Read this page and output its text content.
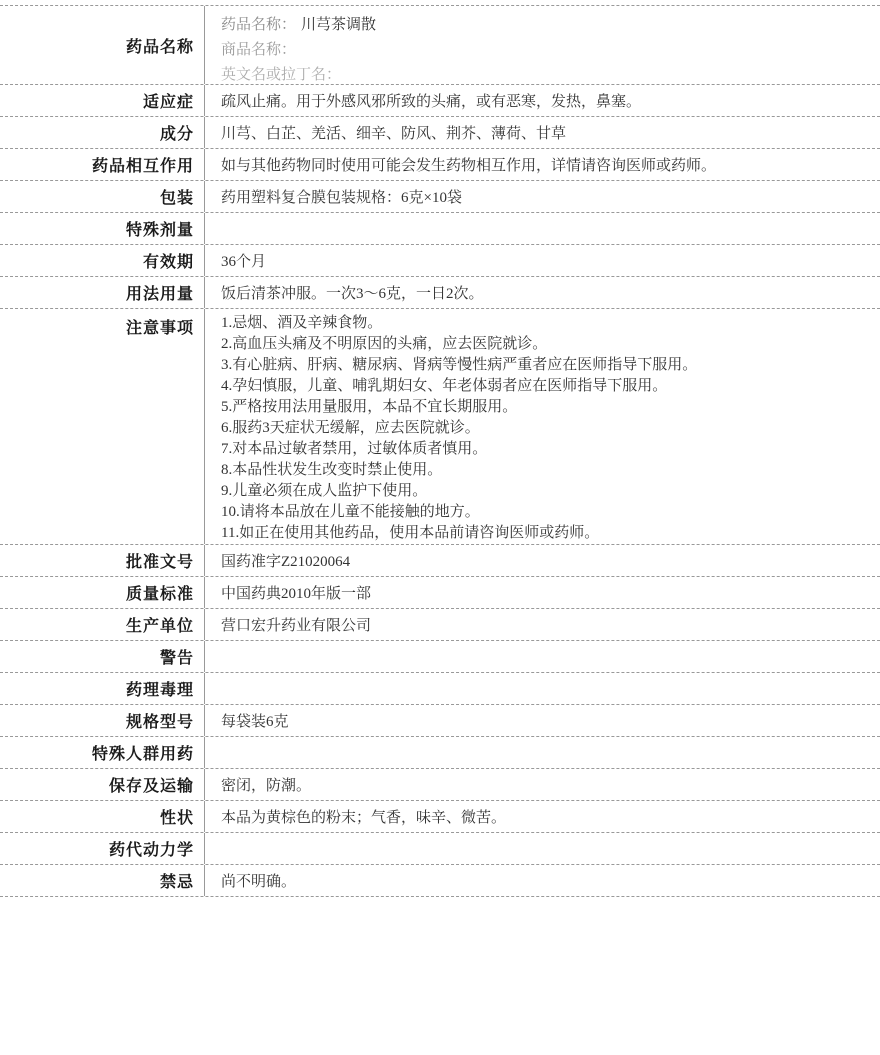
药品名称
药品名称： 川芎茶调散
商品名称：
英文名或拉丁名：
适应症	疏风止痛。用于外感风邪所致的头痛，或有恶寒，发热，鼻塞。
成分	川芎、白芷、羌活、细辛、防风、荆芥、薄荷、甘草
药品相互作用	如与其他药物同时使用可能会发生药物相互作用，详情请咨询医师或药师。
包装	药用塑料复合膜包装规格：6克×10袋
特殊剂量
有效期	36个月
用法用量	饭后清茶冲服。一次3～6克，一日2次。
注意事项	1.忌烟、酒及辛辣食物。
2.高血压头痛及不明原因的头痛，应去医院就诊。
3.有心脏病、肝病、糖尿病、肾病等慢性病严重者应在医师指导下服用。
4.孕妇慎服，儿童、哺乳期妇女、年老体弱者应在医师指导下服用。
5.严格按用法用量服用，本品不宜长期服用。
6.服药3天症状无缓解，应去医院就诊。
7.对本品过敏者禁用，过敏体质者慎用。
8.本品性状发生改变时禁止使用。
9.儿童必须在成人监护下使用。
10.请将本品放在儿童不能接触的地方。
11.如正在使用其他药品，使用本品前请咨询医师或药师。
批准文号	国药准字Z21020064
质量标准	中国药典2010年版一部
生产单位	营口宏升药业有限公司
警告
药理毒理
规格型号	每袋装6克
特殊人群用药
保存及运输	密闭，防潮。
性状	本品为黄棕色的粉末；气香，味辛、微苦。
药代动力学
禁忌	尚不明确。
